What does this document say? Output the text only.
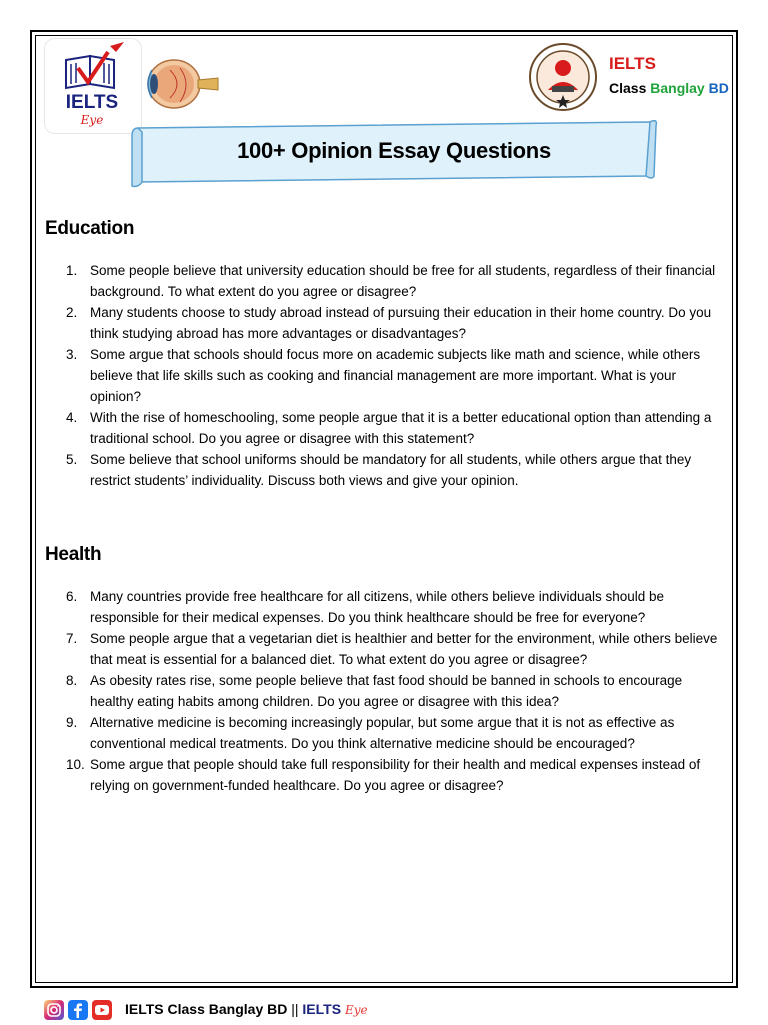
IELTS
Eye
IELTS
Class Banglay BD
100+ Opinion Essay Questions
Education
1. Some people believe that university education should be free for all students, regardless of their financial background. To what extent do you agree or disagree?
2. Many students choose to study abroad instead of pursuing their education in their home country. Do you think studying abroad has more advantages or disadvantages?
3. Some argue that schools should focus more on academic subjects like math and science, while others believe that life skills such as cooking and financial management are more important. What is your opinion?
4. With the rise of homeschooling, some people argue that it is a better educational option than attending a traditional school. Do you agree or disagree with this statement?
5. Some believe that school uniforms should be mandatory for all students, while others argue that they restrict students’ individuality. Discuss both views and give your opinion.
Health
6. Many countries provide free healthcare for all citizens, while others believe individuals should be responsible for their medical expenses. Do you think healthcare should be free for everyone?
7. Some people argue that a vegetarian diet is healthier and better for the environment, while others believe that meat is essential for a balanced diet. To what extent do you agree or disagree?
8. As obesity rates rise, some people believe that fast food should be banned in schools to encourage healthy eating habits among children. Do you agree or disagree with this idea?
9. Alternative medicine is becoming increasingly popular, but some argue that it is not as effective as conventional medical treatments. Do you think alternative medicine should be encouraged?
10. Some argue that people should take full responsibility for their health and medical expenses instead of relying on government-funded healthcare. Do you agree or disagree?
IELTS Class Banglay BD || IELTS Eye
